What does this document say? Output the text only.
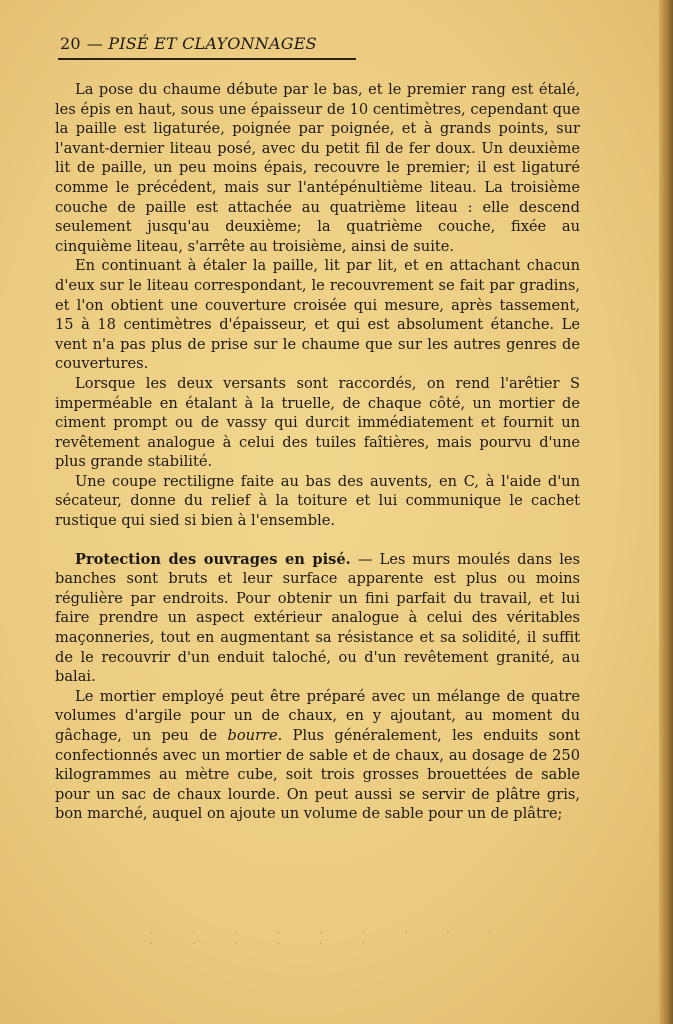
20 — PISÉ ET CLAYONNAGES

La pose du chaume débute par le bas, et le premier rang est étalé, les épis en haut, sous une épaisseur de 10 centimètres, cependant que la paille est ligaturée, poignée par poignée, et à grands points, sur l'avant-dernier liteau posé, avec du petit fil de fer doux. Un deuxième lit de paille, un peu moins épais, recouvre le premier; il est ligaturé comme le précédent, mais sur l'antépénultième liteau. La troisième couche de paille est attachée au quatrième liteau : elle descend seulement jusqu'au deuxième; la quatrième couche, fixée au cinquième liteau, s'arrête au troisième, ainsi de suite.

En continuant à étaler la paille, lit par lit, et en attachant chacun d'eux sur le liteau correspondant, le recouvrement se fait par gradins, et l'on obtient une couverture croisée qui mesure, après tassement, 15 à 18 centimètres d'épaisseur, et qui est absolument étanche. Le vent n'a pas plus de prise sur le chaume que sur les autres genres de couvertures.

Lorsque les deux versants sont raccordés, on rend l'arêtier S imperméable en étalant à la truelle, de chaque côté, un mortier de ciment prompt ou de vassy qui durcit immédiatement et fournit un revêtement analogue à celui des tuiles faîtières, mais pourvu d'une plus grande stabilité.

Une coupe rectiligne faite au bas des auvents, en C, à l'aide d'un sécateur, donne du relief à la toiture et lui communique le cachet rustique qui sied si bien à l'ensemble.

Protection des ouvrages en pisé. — Les murs moulés dans les banches sont bruts et leur surface apparente est plus ou moins régulière par endroits. Pour obtenir un fini parfait du travail, et lui faire prendre un aspect extérieur analogue à celui des véritables maçonneries, tout en augmentant sa résistance et sa solidité, il suffit de le recouvrir d'un enduit taloché, ou d'un revêtement granité, au balai.

Le mortier employé peut être préparé avec un mélange de quatre volumes d'argile pour un de chaux, en y ajoutant, au moment du gâchage, un peu de bourre. Plus généralement, les enduits sont confectionnés avec un mortier de sable et de chaux, au dosage de 250 kilogrammes au mètre cube, soit trois grosses brouettées de sable pour un sac de chaux lourde. On peut aussi se servir de plâtre gris, bon marché, auquel on ajoute un volume de sable pour un de plâtre;

· · · · · · · · · · · · · · ·
